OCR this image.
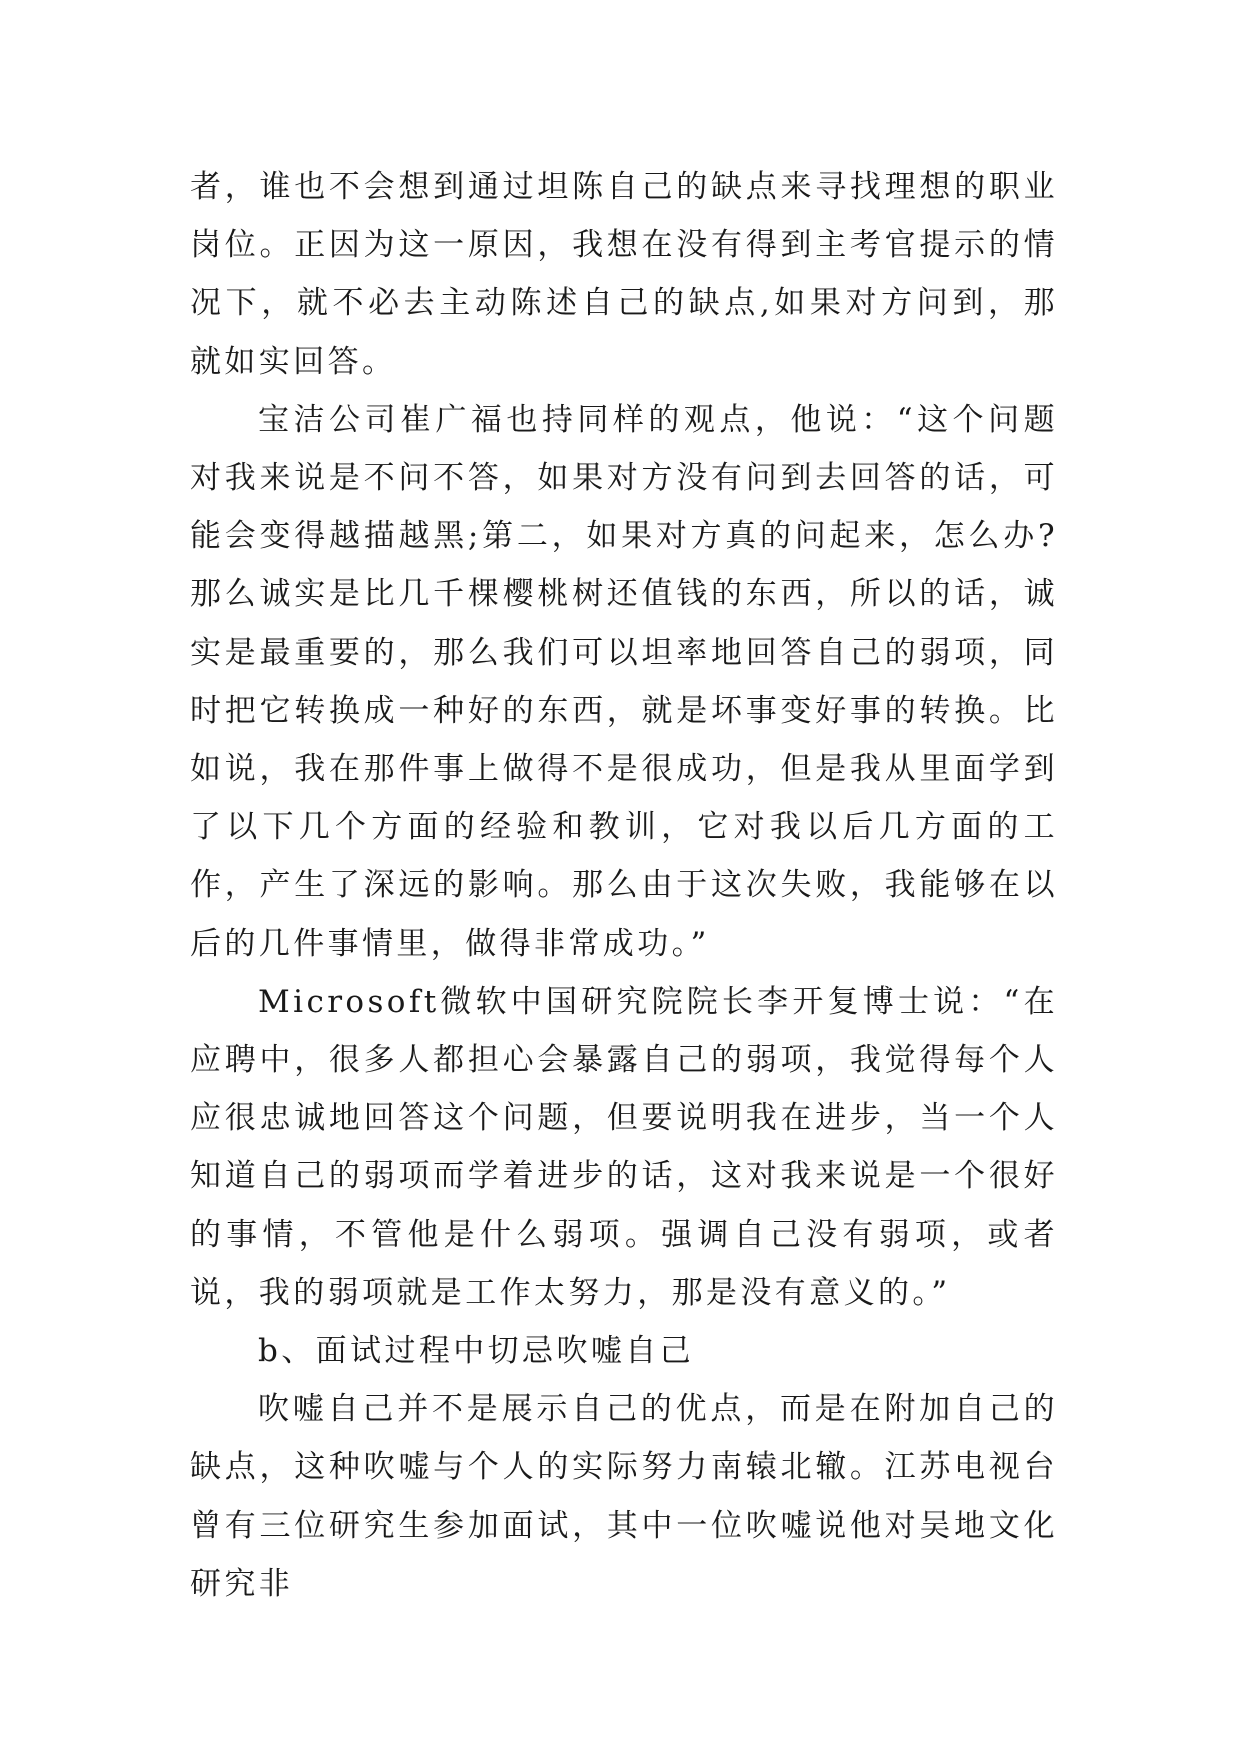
者，谁也不会想到通过坦陈自己的缺点来寻找理想的职业岗位。正因为这一原因，我想在没有得到主考官提示的情况下，就不必去主动陈述自己的缺点,如果对方问到，那就如实回答。

宝洁公司崔广福也持同样的观点，他说：“这个问题对我来说是不问不答，如果对方没有问到去回答的话，可能会变得越描越黑;第二，如果对方真的问起来，怎么办?那么诚实是比几千棵樱桃树还值钱的东西，所以的话，诚实是最重要的，那么我们可以坦率地回答自己的弱项，同时把它转换成一种好的东西，就是坏事变好事的转换。比如说，我在那件事上做得不是很成功，但是我从里面学到了以下几个方面的经验和教训，它对我以后几方面的工作，产生了深远的影响。那么由于这次失败，我能够在以后的几件事情里，做得非常成功。”

Microsoft微软中国研究院院长李开复博士说：“在应聘中，很多人都担心会暴露自己的弱项，我觉得每个人应很忠诚地回答这个问题，但要说明我在进步，当一个人知道自己的弱项而学着进步的话，这对我来说是一个很好的事情，不管他是什么弱项。强调自己没有弱项，或者说，我的弱项就是工作太努力，那是没有意义的。”

b、面试过程中切忌吹嘘自己

吹嘘自己并不是展示自己的优点，而是在附加自己的缺点，这种吹嘘与个人的实际努力南辕北辙。江苏电视台曾有三位研究生参加面试，其中一位吹嘘说他对吴地文化研究非
